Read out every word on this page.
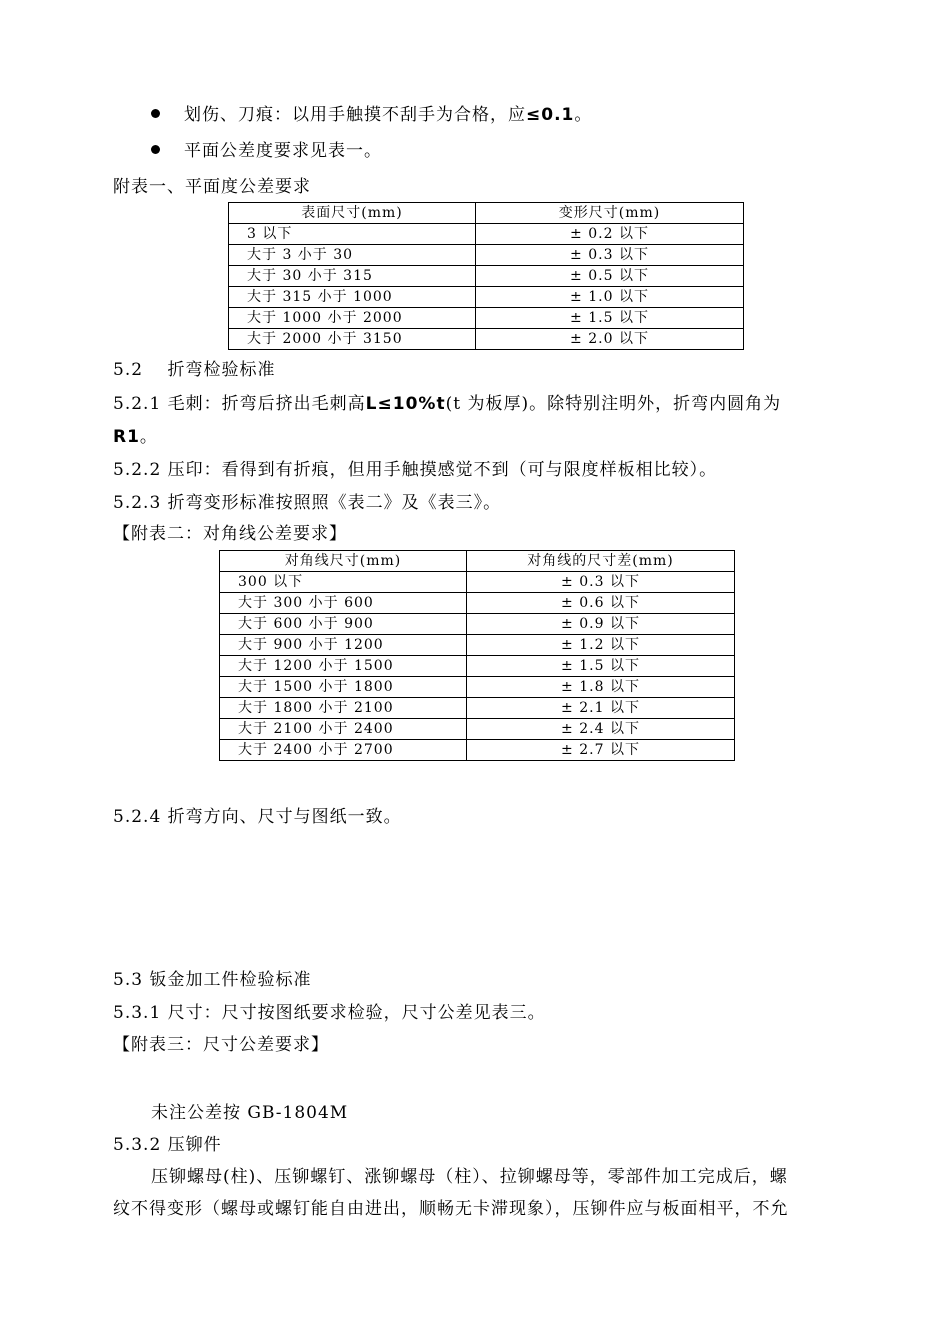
划伤、刀痕：以用手触摸不刮手为合格，应≤0.1。
平面公差度要求见表一。
附表一、平面度公差要求
表面尺寸(mm)	变形尺寸(mm)
3 以下	± 0.2 以下
大于 3 小于 30	± 0.3 以下
大于 30 小于 315	± 0.5 以下
大于 315 小于 1000	± 1.0 以下
大于 1000 小于 2000	± 1.5 以下
大于 2000 小于 3150	± 2.0 以下
5.2　 折弯检验标准
5.2.1 毛刺：折弯后挤出毛刺高L≤10%t(t 为板厚)。除特别注明外，折弯内圆角为
R1。
5.2.2 压印：看得到有折痕，但用手触摸感觉不到（可与限度样板相比较）。
5.2.3 折弯变形标准按照照《表二》及《表三》。
【附表二：对角线公差要求】
对角线尺寸(mm)	对角线的尺寸差(mm)
300 以下	± 0.3 以下
大于 300 小于 600	± 0.6 以下
大于 600 小于 900	± 0.9 以下
大于 900 小于 1200	± 1.2 以下
大于 1200 小于 1500	± 1.5 以下
大于 1500 小于 1800	± 1.8 以下
大于 1800 小于 2100	± 2.1 以下
大于 2100 小于 2400	± 2.4 以下
大于 2400 小于 2700	± 2.7 以下
5.2.4 折弯方向、尺寸与图纸一致。
5.3 钣金加工件检验标准
5.3.1 尺寸：尺寸按图纸要求检验，尺寸公差见表三。
【附表三：尺寸公差要求】
未注公差按 GB-1804M
5.3.2 压铆件
压铆螺母(柱)、压铆螺钉、涨铆螺母（柱）、拉铆螺母等，零部件加工完成后，螺
纹不得变形（螺母或螺钉能自由进出，顺畅无卡滞现象），压铆件应与板面相平，不允
